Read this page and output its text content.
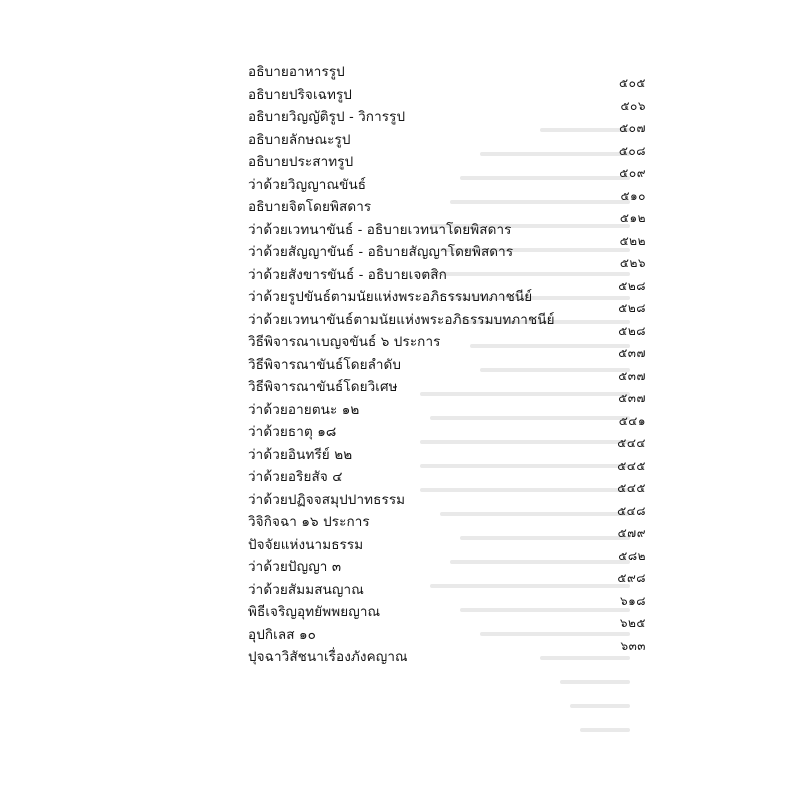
อธิบายอาหารรูป
๕๐๕
อธิบายปริจเฉทรูป
๕๐๖
อธิบายวิญญัติรูป - วิการรูป
๕๐๗
อธิบายลักษณะรูป
๕๐๘
อธิบายประสาทรูป
๕๐๙
ว่าด้วยวิญญาณขันธ์
๕๑๐
อธิบายจิตโดยพิสดาร
๕๑๒
ว่าด้วยเวทนาขันธ์ - อธิบายเวทนาโดยพิสดาร
๕๒๒
ว่าด้วยสัญญาขันธ์ - อธิบายสัญญาโดยพิสดาร
๕๒๖
ว่าด้วยสังขารขันธ์ - อธิบายเจตสิก
๕๒๘
ว่าด้วยรูปขันธ์ตามนัยแห่งพระอภิธรรมบทภาชนีย์
๕๒๘
ว่าด้วยเวทนาขันธ์ตามนัยแห่งพระอภิธรรมบทภาชนีย์
๕๒๘
วิธีพิจารณาเบญจขันธ์ ๖ ประการ
๕๓๗
วิธีพิจารณาขันธ์โดยลำดับ
๕๓๗
วิธีพิจารณาขันธ์โดยวิเศษ
๕๓๗
ว่าด้วยอายตนะ ๑๒
๕๔๑
ว่าด้วยธาตุ ๑๘
๕๔๔
ว่าด้วยอินทรีย์ ๒๒
๕๔๕
ว่าด้วยอริยสัจ ๔
๕๔๕
ว่าด้วยปฏิจจสมุปปาทธรรม
๕๔๘
วิจิกิจฉา ๑๖ ประการ
๕๗๙
ปัจจัยแห่งนามธรรม
๕๘๒
ว่าด้วยปัญญา ๓
๕๙๘
ว่าด้วยสัมมสนญาณ
๖๑๘
พิธีเจริญอุทยัพพยญาณ
๖๒๕
อุปกิเลส ๑๐
๖๓๓
ปุจฉาวิสัชนาเรื่องภังคญาณ
